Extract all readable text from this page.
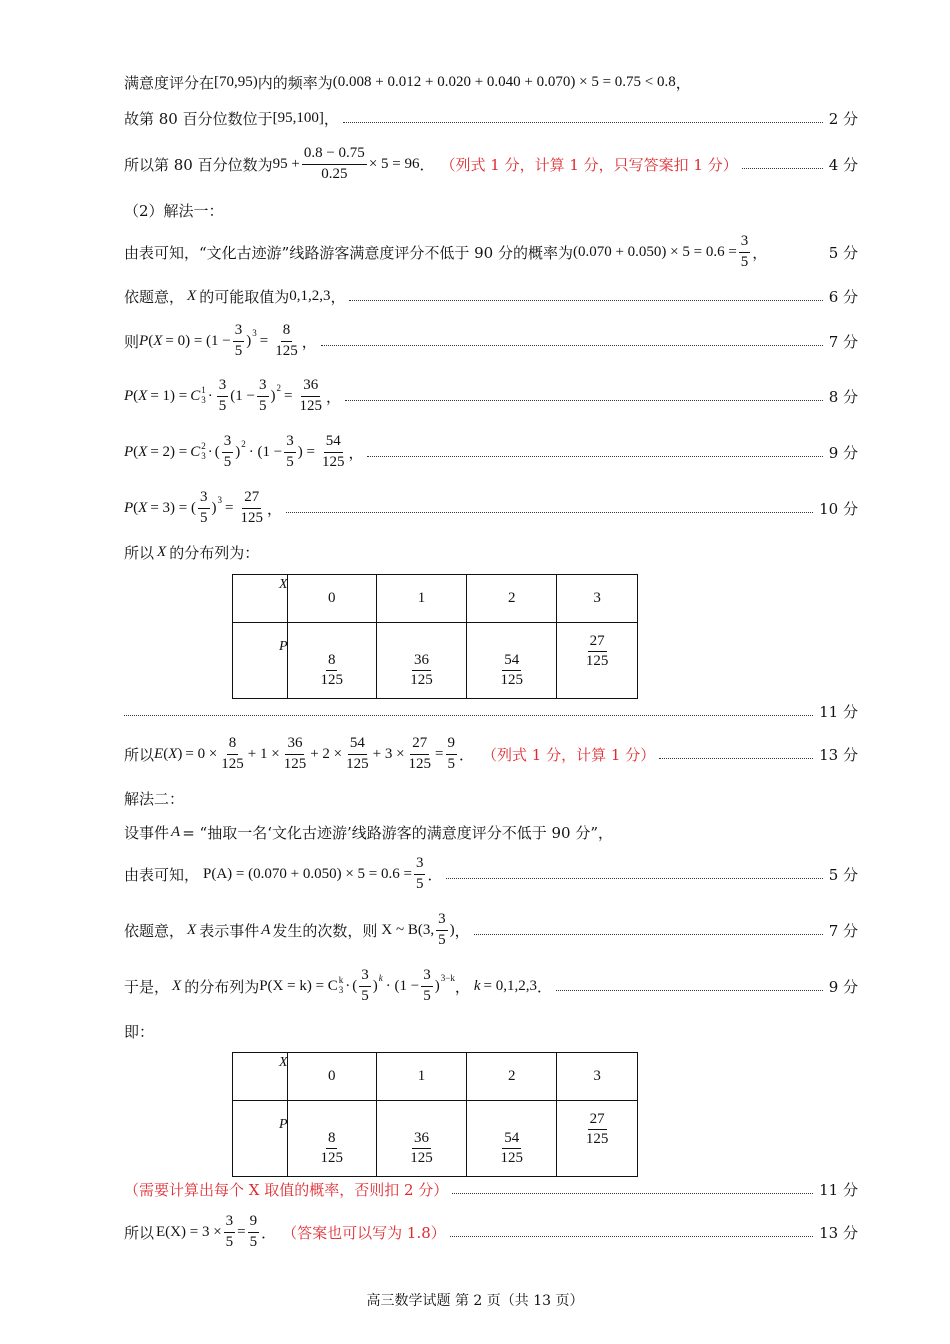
满意度评分在 [70,95) 内的频率为 (0.008 + 0.012 + 0.020 + 0.040 + 0.070) × 5 = 0.75 < 0.8 ，
故第 80 百分位数位于 [95,100] ，	2 分
所以第 80 百分位数为 $95 + \frac{0.8 - 0.75}{0.25} \times 5 = 96$ ． （列式 1 分，计算 1 分，只写答案扣 1 分）	4 分
（2）解法一：
由表可知，“文化古迹游”线路游客满意度评分不低于 90 分的概率为 $(0.070 + 0.050) \times 5 = 0.6 = \frac{3}{5}$ ，	5 分
依题意， X 的可能取值为 0,1,2,3 ，	6 分
则 P ( $X = 0) = (1 - \frac{3}{5}$ ) $3 = \frac{8}{125}$ ，	7 分
P ( X = 1) = C 1
$3 \cdot \frac{3}{5} (1 - \frac{3}{5}$ ) $2 = \frac{36}{125}$ ，	8 分
P ( X = 2) = C 2
3 · ( $\frac{3}{5}$ ) $2 \cdot (1 - \frac{3}{5}$ ) = $\frac{54}{125}$ ，	9 分
P ( X = 3) = ( $\frac{3}{5}$ ) $3 = \frac{27}{125}$ ，	10 分
所以 X 的分布列为：
X	0	1	2	3

P	$\frac{8}{125}$	$\frac{36}{125}$	$\frac{54}{125}$	$\frac{27}{125}$
11 分
所以 E ( X ) = $0 \times \frac{8}{125} + 1 \times \frac{36}{125} + 2 \times \frac{54}{125} + 3 \times \frac{27}{125} = \frac{9}{5}$ ． （列式 1 分，计算 1 分）	13 分
解法二：
设事件 A = “抽取一名‘文化古迹游’线路游客的满意度评分不低于 90 分”，
由表可知， $P(A) = (0.070 + 0.050) \times 5 = 0.6 = \frac{3}{5}$ ．	5 分
依题意， X 表示事件 A 发生的次数，则 X ~ B(3, $\frac{3}{5}$ ) ，	7 分
于是， X 的分布列为 P(X = k) = C k
3 · ( $\frac{3}{5}$ ) $k \cdot (1 - \frac{3}{5}$ ) 3−k ， k = 0,1,2,3 ．	9 分
即：
X	0	1	2	3

P	$\frac{8}{125}$	$\frac{36}{125}$	$\frac{54}{125}$	$\frac{27}{125}$
（需要计算出每个 X 取值的概率，否则扣 2 分）	11 分
所以 $E(X) = 3 \times \frac{3}{5} = \frac{9}{5}$ ． （答案也可以写为 1.8）	13 分
高三数学试题 第 2 页（共 13 页）
